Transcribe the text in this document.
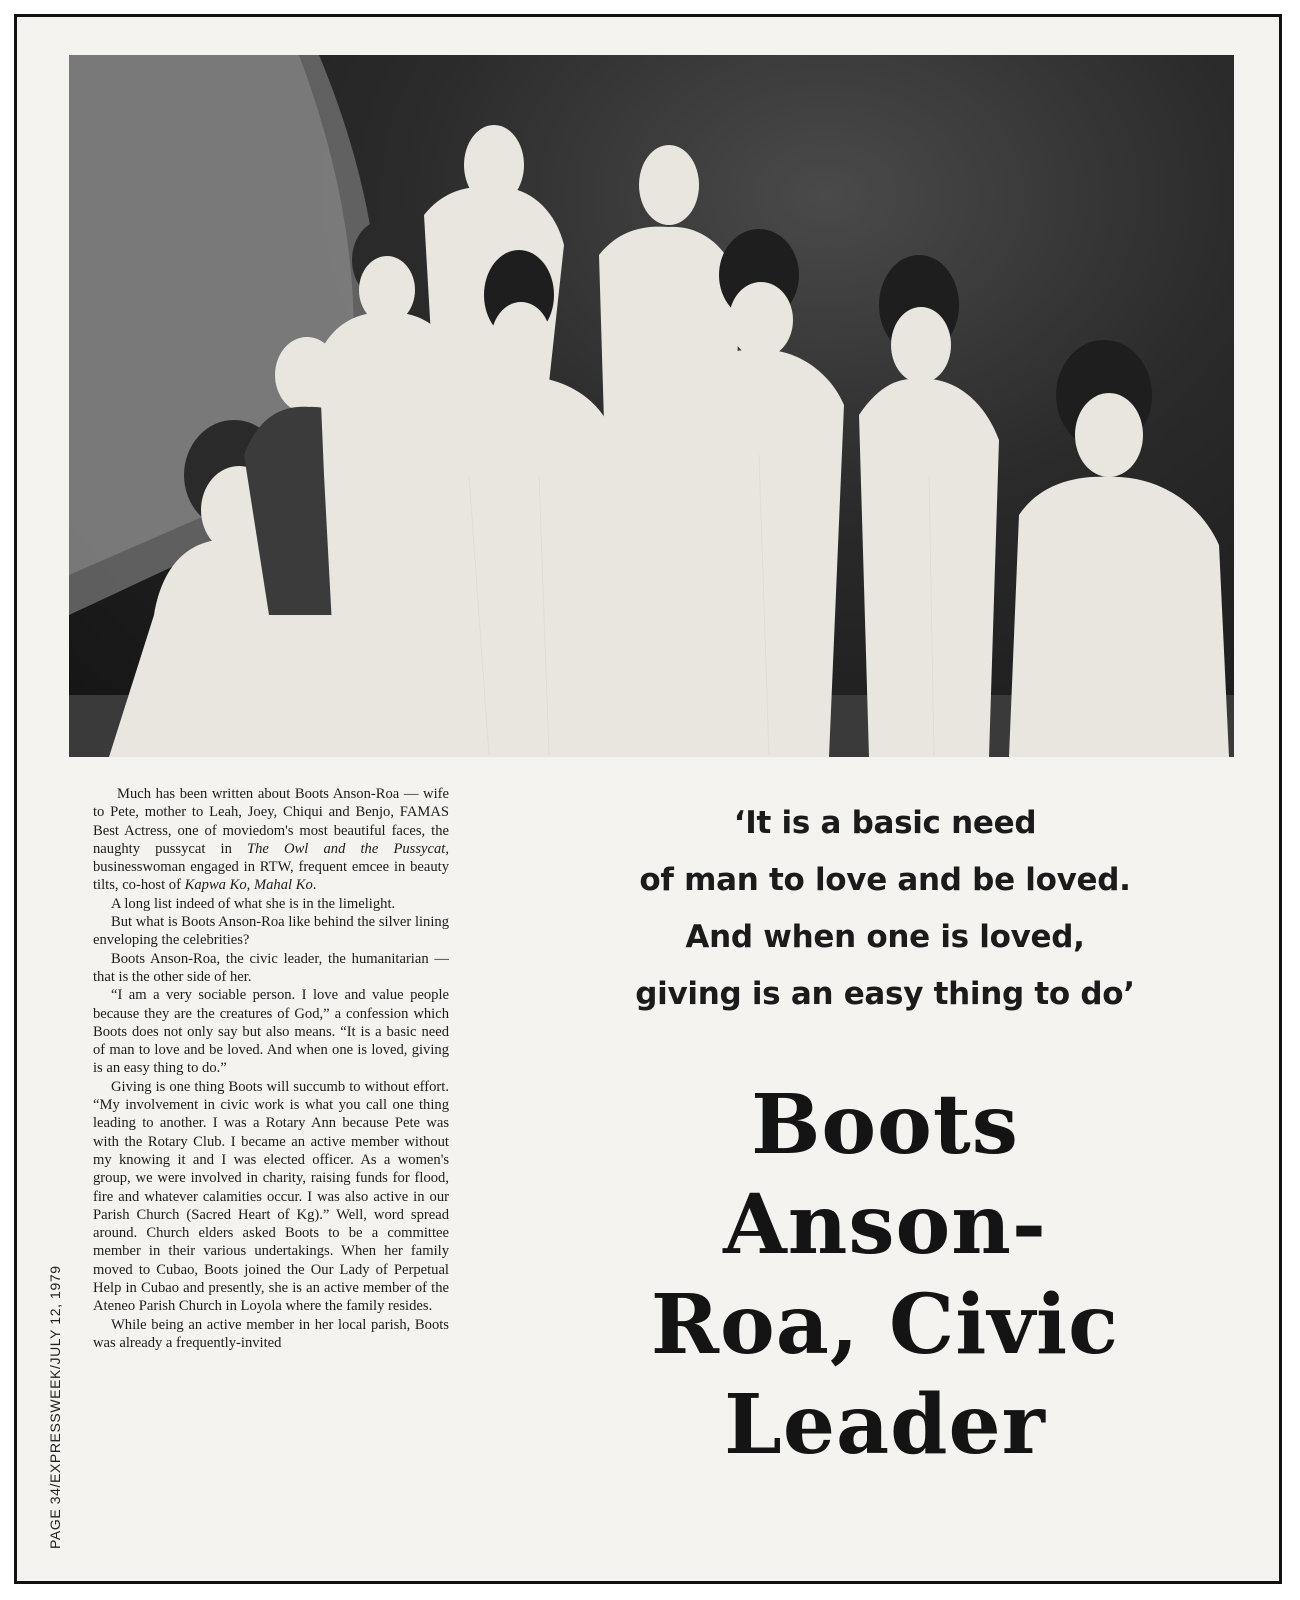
Much has been written about Boots Anson-Roa — wife to Pete, mother to Leah, Joey, Chiqui and Benjo, FAMAS Best Actress, one of moviedom's most beautiful faces, the naughty pussycat in The Owl and the Pussycat, businesswoman engaged in RTW, frequent emcee in beauty tilts, co-host of Kapwa Ko, Mahal Ko.

A long list indeed of what she is in the limelight.

But what is Boots Anson-Roa like behind the silver lining enveloping the celebrities?

Boots Anson-Roa, the civic leader, the humanitarian — that is the other side of her.

“I am a very sociable person. I love and value people because they are the creatures of God,” a confession which Boots does not only say but also means. “It is a basic need of man to love and be loved. And when one is loved, giving is an easy thing to do.”

Giving is one thing Boots will succumb to without effort. “My involvement in civic work is what you call one thing leading to another. I was a Rotary Ann because Pete was with the Rotary Club. I became an active member without my knowing it and I was elected officer. As a women's group, we were involved in charity, raising funds for flood, fire and whatever calamities occur. I was also active in our Parish Church (Sacred Heart of Kg).” Well, word spread around. Church elders asked Boots to be a committee member in their various undertakings. When her family moved to Cubao, Boots joined the Our Lady of Perpetual Help in Cubao and presently, she is an active member of the Ateneo Parish Church in Loyola where the family resides.

While being an active member in her local parish, Boots was already a frequently-invited

PAGE 34/EXPRESSWEEK/JULY 12, 1979
‘It is a basic need
of man to love and be loved.
And when one is loved,
giving is an easy thing to do’
Boots
Anson-
Roa, Civic
Leader
